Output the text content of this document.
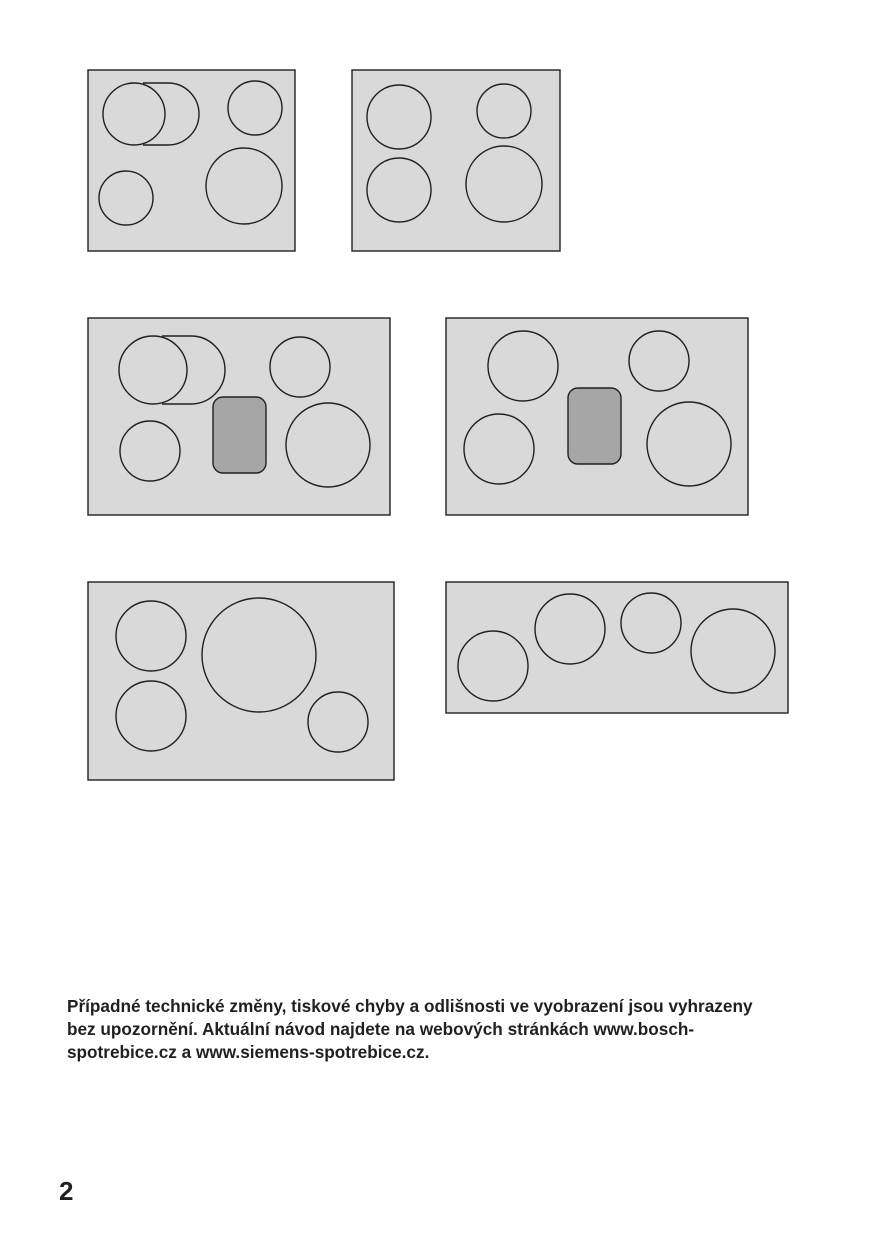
Případné technické změny, tiskové chyby a odlišnosti ve vyobrazení jsou vyhrazeny
bez upozornění. Aktuální návod najdete na webových stránkách www.bosch-
spotrebice.cz a www.siemens-spotrebice.cz.
2
